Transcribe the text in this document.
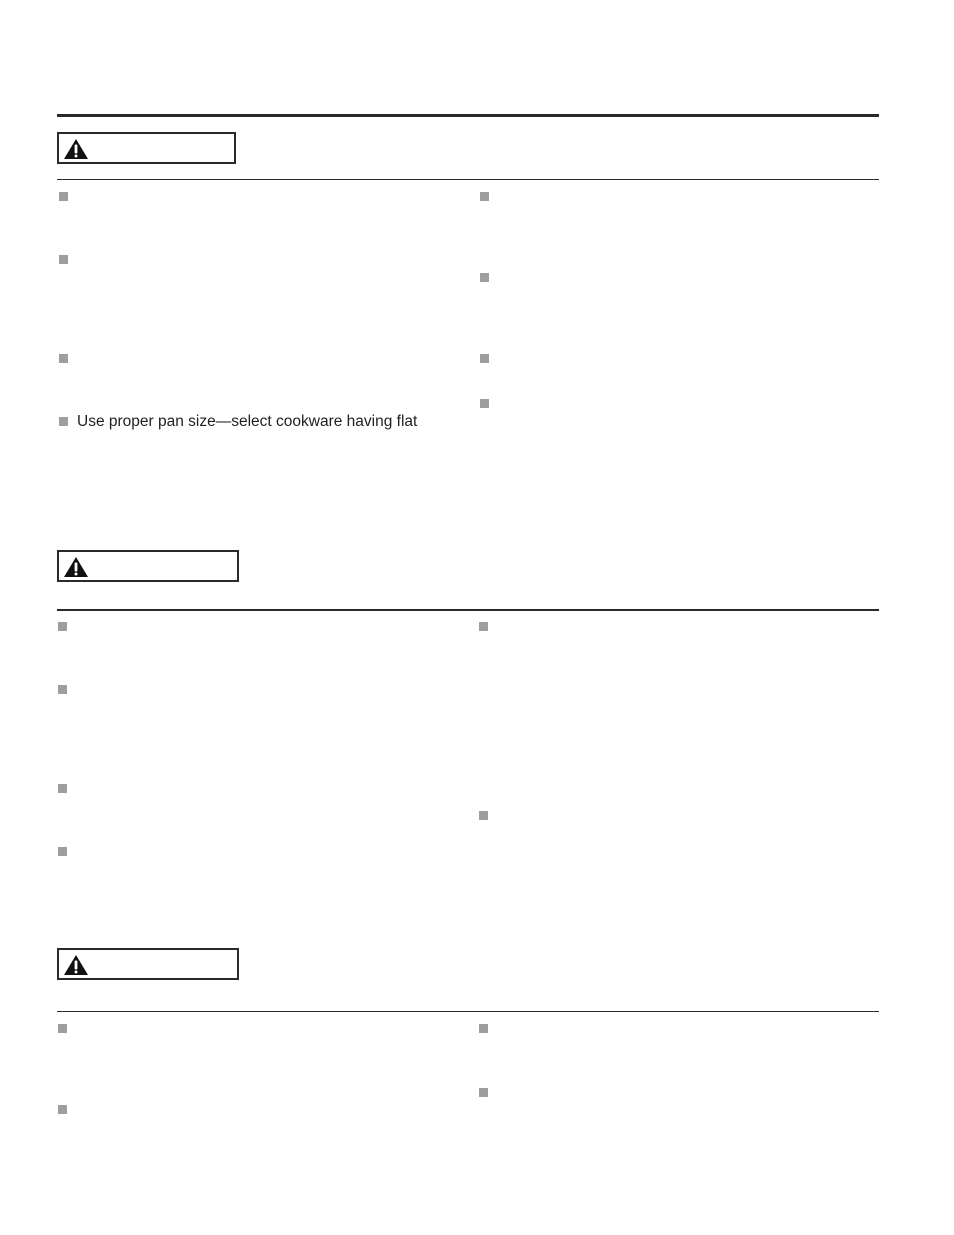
Use proper pan size—select cookware having flat
